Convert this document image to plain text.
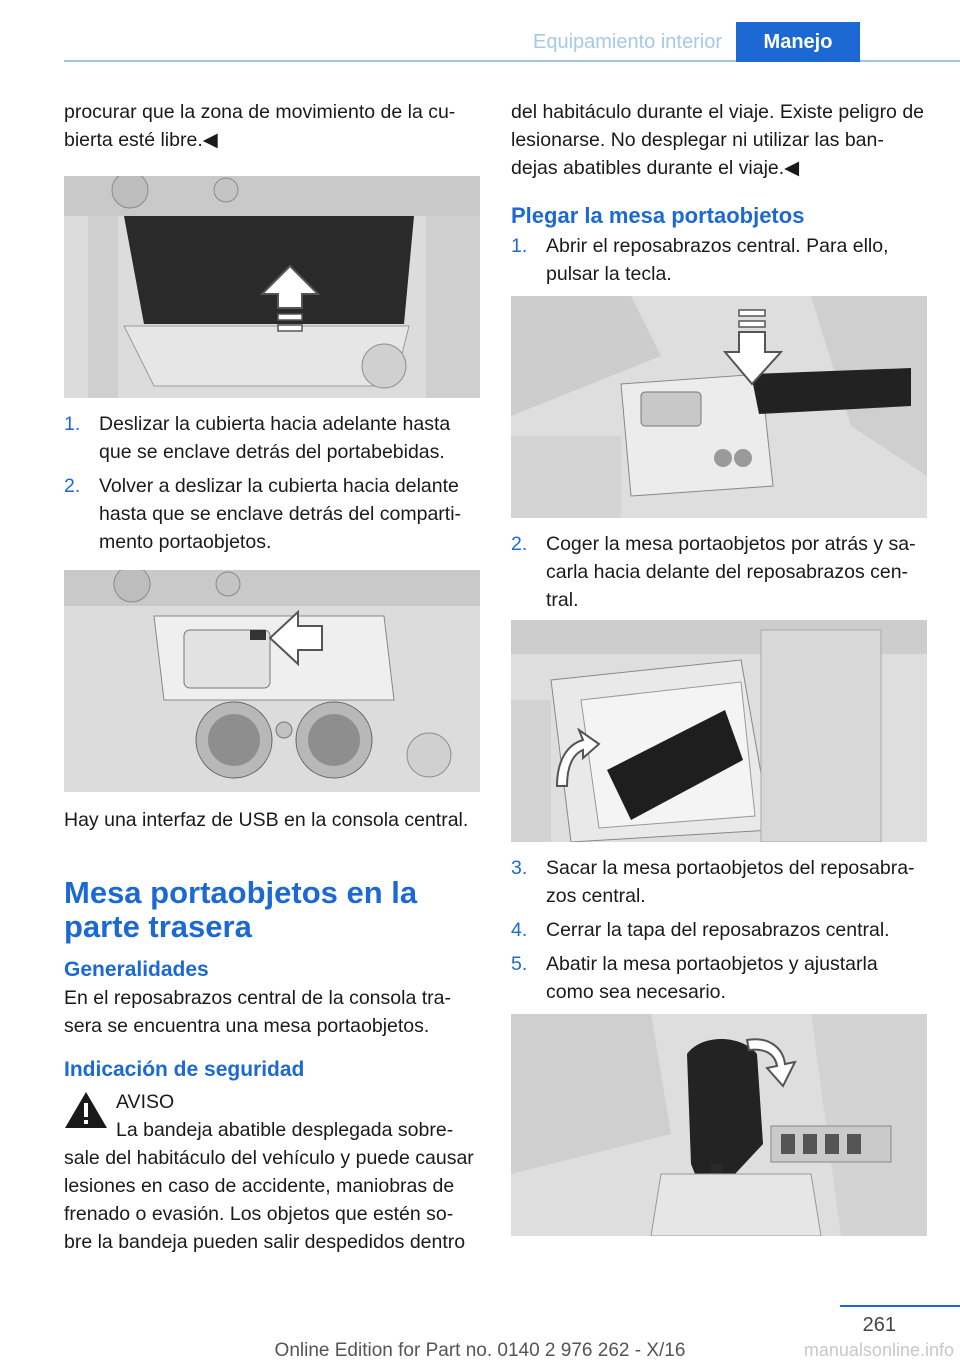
Equipamiento interior	Manejo

procurar que la zona de movimiento de la cu‐ bierta esté libre.◀

1. Deslizar la cubierta hacia adelante hasta que se enclave detrás del portabebidas.
2. Volver a deslizar la cubierta hacia delante hasta que se enclave detrás del comparti‐ mento portaobjetos.

Hay una interfaz de USB en la consola central.

Mesa portaobjetos en la parte trasera
Generalidades

En el reposabrazos central de la consola tra‐ sera se encuentra una mesa portaobjetos.

Indicación de seguridad

AVISO

La bandeja abatible desplegada sobre‐

sale del habitáculo del vehículo y puede causar lesiones en caso de accidente, maniobras de frenado o evasión. Los objetos que estén so‐ bre la bandeja pueden salir despedidos dentro

del habitáculo durante el viaje. Existe peligro de lesionarse. No desplegar ni utilizar las ban‐ dejas abatibles durante el viaje.◀

Plegar la mesa portaobjetos
1. Abrir el reposabrazos central. Para ello, pulsar la tecla.
2. Coger la mesa portaobjetos por atrás y sa‐ carla hacia delante del reposabrazos cen‐ tral.
3. Sacar la mesa portaobjetos del reposabra‐ zos central.
4. Cerrar la tapa del reposabrazos central.
5. Abatir la mesa portaobjetos y ajustarla como sea necesario.
261
Online Edition for Part no. 0140 2 976 262 - X/16	manualsonline.info
